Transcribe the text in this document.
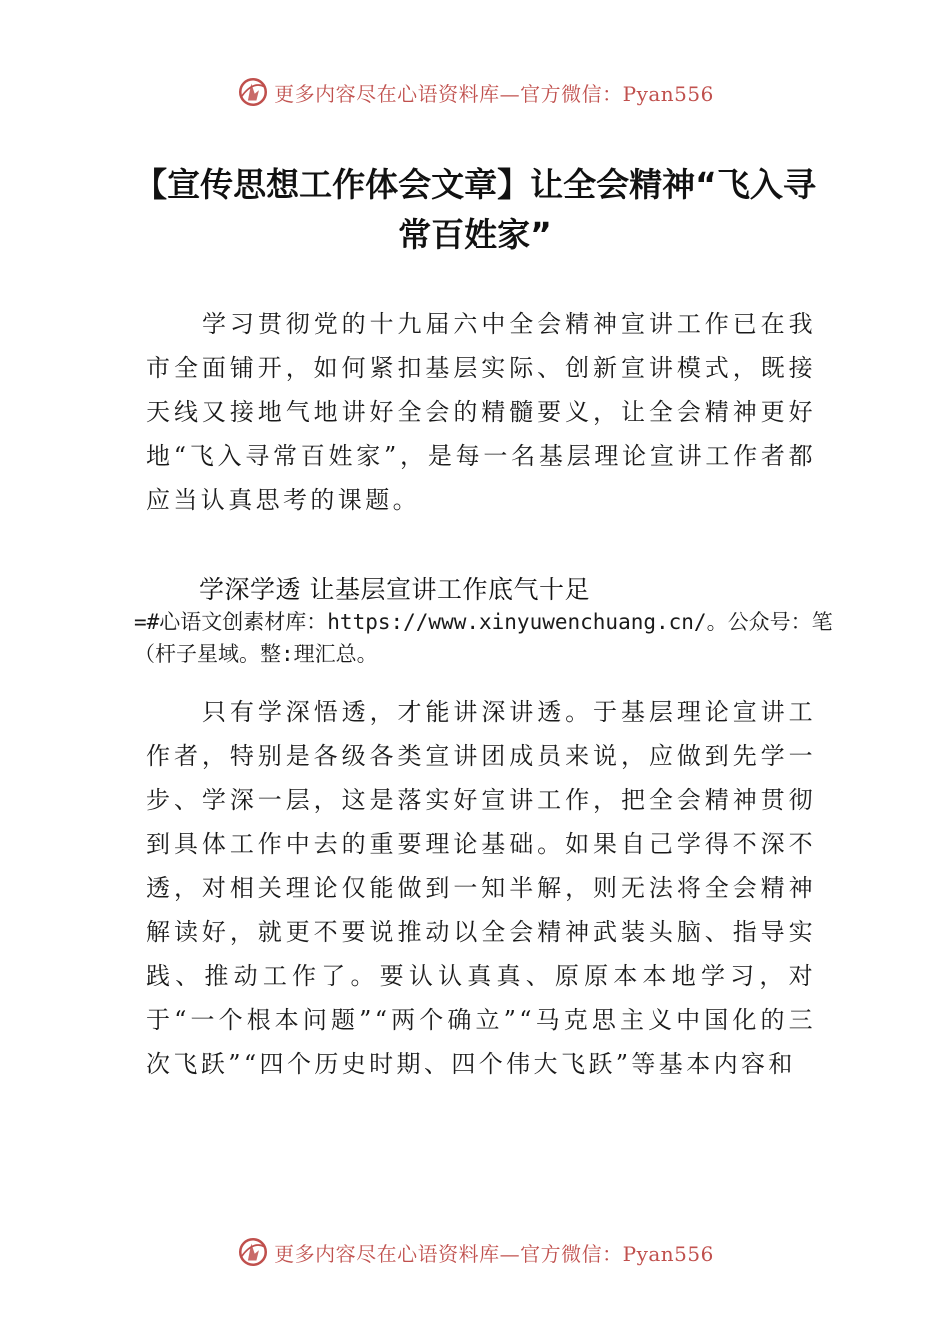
更多内容尽在心语资料库—官方微信：Pyan556
【宣传思想工作体会文章】让全会精神“飞入寻常百姓家”
学习贯彻党的十九届六中全会精神宣讲工作已在我市全面铺开，如何紧扣基层实际、创新宣讲模式，既接天线又接地气地讲好全会的精髓要义，让全会精神更好地“飞入寻常百姓家”，是每一名基层理论宣讲工作者都应当认真思考的课题。
学深学透 让基层宣讲工作底气十足
=#心语文创素材库：https://www.xinyuwenchuang.cn/。公众号：笔（杆子星域。整:理汇总。
只有学深悟透，才能讲深讲透。于基层理论宣讲工作者，特别是各级各类宣讲团成员来说，应做到先学一步、学深一层，这是落实好宣讲工作，把全会精神贯彻到具体工作中去的重要理论基础。如果自己学得不深不透，对相关理论仅能做到一知半解，则无法将全会精神解读好，就更不要说推动以全会精神武装头脑、指导实践、推动工作了。要认认真真、原原本本地学习，对于“一个根本问题”“两个确立”“马克思主义中国化的三次飞跃”“四个历史时期、四个伟大飞跃”等基本内容和
更多内容尽在心语资料库—官方微信：Pyan556
